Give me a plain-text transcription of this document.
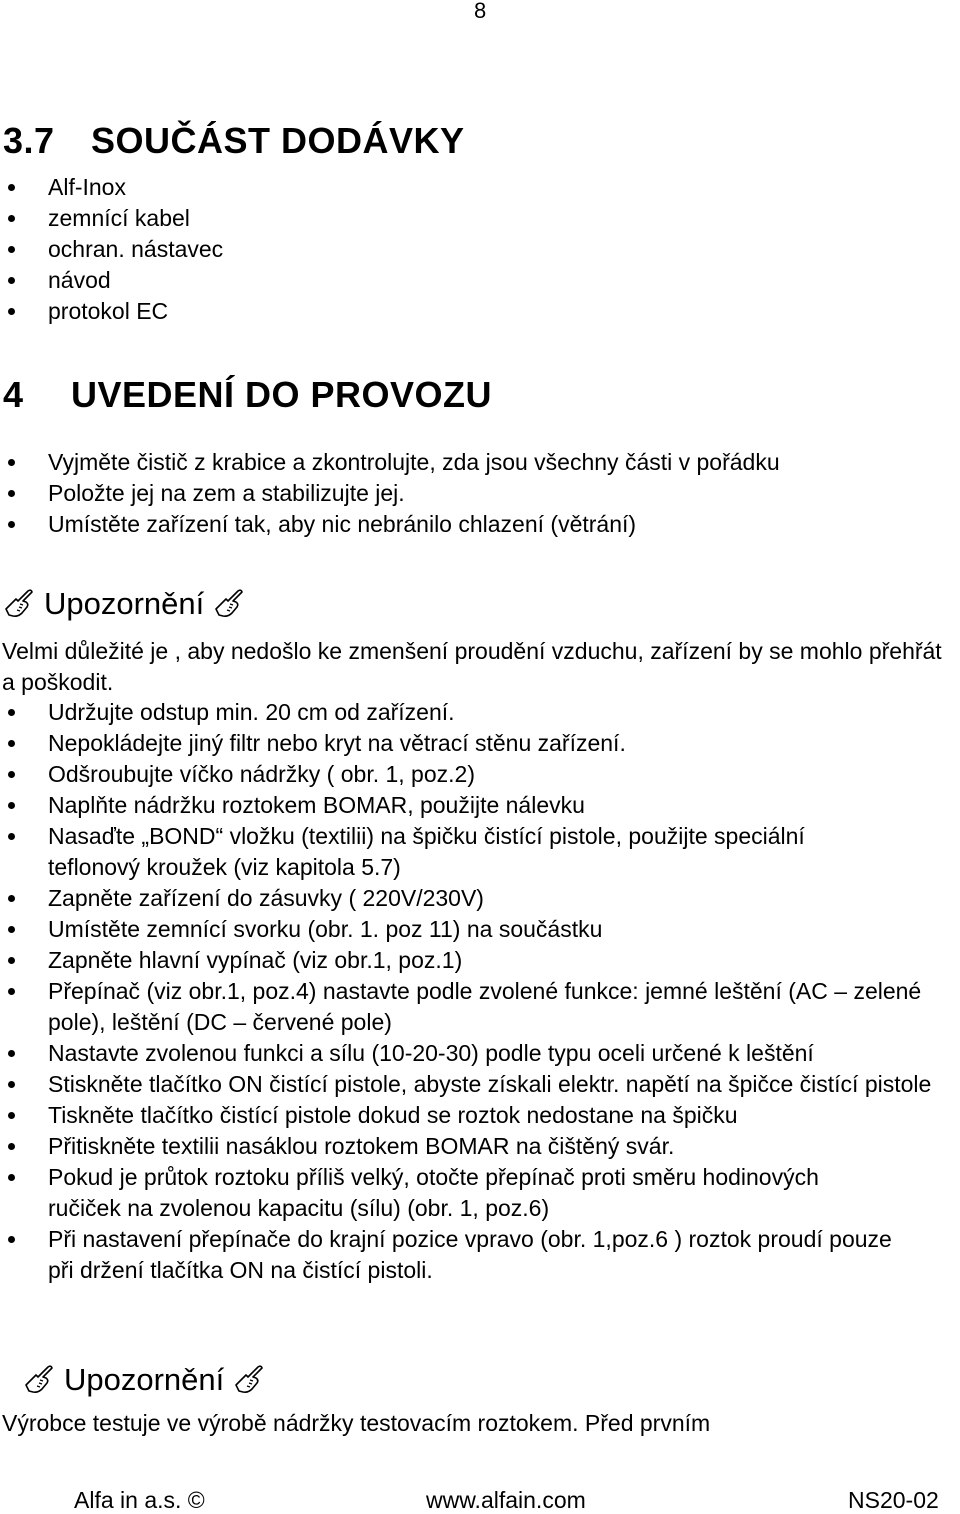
8
3.7 SOUČÁST DODÁVKY
Alf-Inox
zemnící kabel
ochran. nástavec
návod
protokol EC
4 UVEDENÍ DO PROVOZU
Vyjměte čistič z krabice a zkontrolujte, zda jsou všechny části v pořádku
Položte jej na zem a stabilizujte jej.
Umístěte zařízení tak, aby nic nebránilo chlazení (větrání)
Upozornění
Velmi důležité je , aby nedošlo ke zmenšení proudění vzduchu, zařízení by se mohlo přehřát a poškodit.
Udržujte odstup min. 20 cm od zařízení.
Nepokládejte jiný filtr nebo kryt na větrací stěnu zařízení.
Odšroubujte víčko nádržky ( obr. 1, poz.2)
Naplňte nádržku roztokem BOMAR, použijte nálevku
Nasaďte „BOND“ vložku (textilii) na špičku čistící pistole, použijte speciální teflonový kroužek (viz kapitola 5.7)
Zapněte zařízení do zásuvky ( 220V/230V)
Umístěte zemnící svorku (obr. 1. poz 11) na součástku
Zapněte hlavní vypínač (viz obr.1, poz.1)
Přepínač (viz obr.1, poz.4) nastavte podle zvolené funkce: jemné leštění (AC – zelené pole), leštění (DC – červené pole)
Nastavte zvolenou funkci a sílu (10-20-30) podle typu oceli určené k leštění
Stiskněte tlačítko ON čistící pistole, abyste získali elektr. napětí na špičce čistící pistole
Tiskněte tlačítko čistící pistole dokud se roztok nedostane na špičku
Přitiskněte textilii nasáklou roztokem BOMAR na čištěný svár.
Pokud je průtok roztoku příliš velký, otočte přepínač proti směru hodinových ručiček na zvolenou kapacitu (sílu) (obr. 1, poz.6)
Při nastavení přepínače do krajní pozice vpravo (obr. 1,poz.6 ) roztok proudí pouze při držení tlačítka ON na čistící pistoli.
Upozornění
Výrobce testuje ve výrobě nádržky testovacím roztokem. Před prvním
Alfa in a.s. ©	www.alfain.com	NS20-02
